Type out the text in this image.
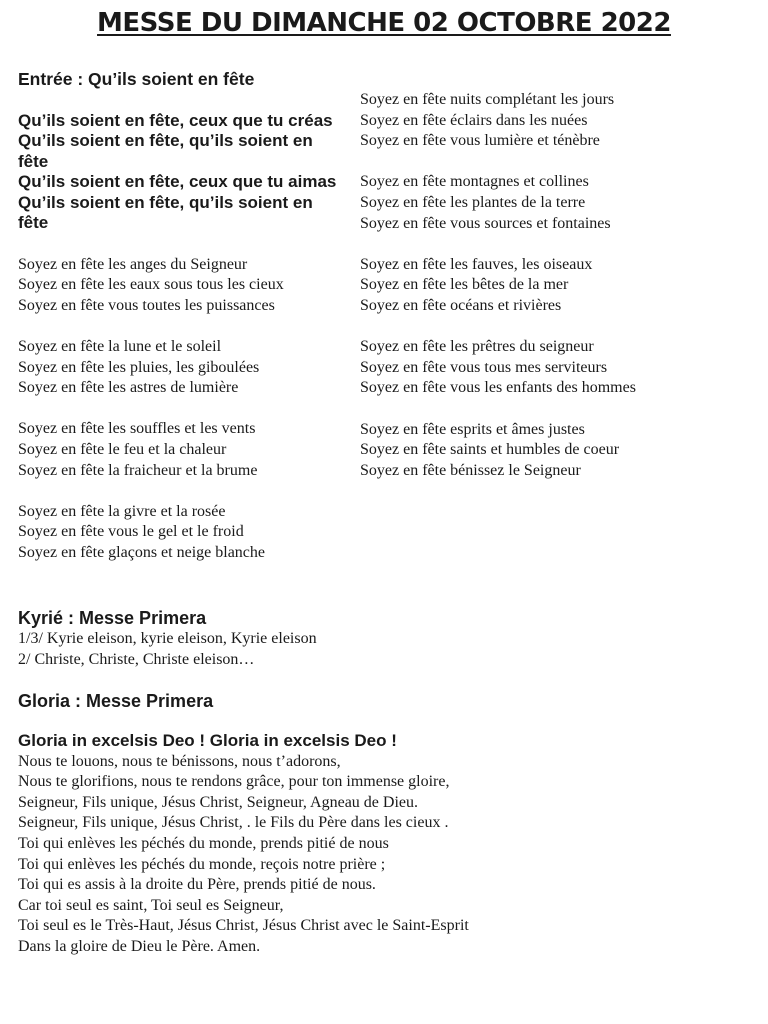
MESSE DU DIMANCHE 02 OCTOBRE 2022
Entrée : Qu’ils soient en fête
Qu’ils soient en fête, ceux que tu créas
Qu’ils soient en fête, qu’ils soient en
fête
Qu’ils soient en fête, ceux que tu aimas
Qu’ils soient en fête, qu’ils soient en
fête
Soyez en fête les anges du Seigneur
Soyez en fête les eaux sous tous les cieux
Soyez en fête vous toutes les puissances
Soyez en fête la lune et le soleil
Soyez en fête les pluies, les giboulées
Soyez en fête les astres de lumière
Soyez en fête les souffles et les vents
Soyez en fête le feu et la chaleur
Soyez en fête la fraicheur et la brume
Soyez en fête la givre et la rosée
Soyez en fête vous le gel et le froid
Soyez en fête glaçons et neige blanche
Soyez en fête nuits complétant les jours
Soyez en fête éclairs dans les nuées
Soyez en fête vous lumière et ténèbre
Soyez en fête montagnes et collines
Soyez en fête les plantes de la terre
Soyez en fête vous sources et fontaines
Soyez en fête les fauves, les oiseaux
Soyez en fête les bêtes de la mer
Soyez en fête océans et rivières
Soyez en fête les prêtres du seigneur
Soyez en fête vous tous mes serviteurs
Soyez en fête vous les enfants des hommes
Soyez en fête esprits et âmes justes
Soyez en fête saints et humbles de coeur
Soyez en fête bénissez le Seigneur
Kyrié : Messe Primera
1/3/ Kyrie eleison, kyrie eleison, Kyrie eleison
2/ Christe, Christe, Christe eleison…
Gloria : Messe Primera
Gloria in excelsis Deo ! Gloria in excelsis Deo !
Nous te louons, nous te bénissons, nous t’adorons,
Nous te glorifions, nous te rendons grâce, pour ton immense gloire,
Seigneur, Fils unique, Jésus Christ, Seigneur, Agneau de Dieu.
Seigneur, Fils unique, Jésus Christ, . le Fils du Père dans les cieux .
Toi qui enlèves les péchés du monde, prends pitié de nous
Toi qui enlèves les péchés du monde, reçois notre prière ;
Toi qui es assis à la droite du Père, prends pitié de nous.
Car toi seul es saint, Toi seul es Seigneur,
Toi seul es le Très-Haut, Jésus Christ, Jésus Christ avec le Saint-Esprit
Dans la gloire de Dieu le Père. Amen.
